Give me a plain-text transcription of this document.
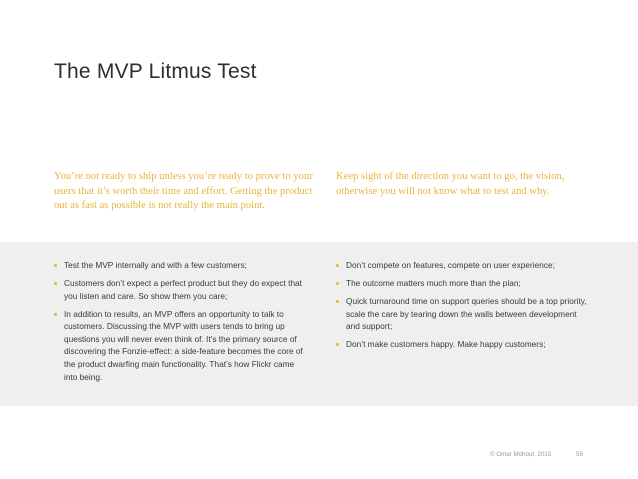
The MVP Litmus Test

You’re not ready to ship unless you’re ready to prove to your users that it’s worth their time and effort. Getting the product out as fast as possible is not really the main point.

Keep sight of the direction you want to go, the vision, otherwise you will not know what to test and why.

Test the MVP internally and with a few customers;
Customers don’t expect a perfect product but they do expect that you listen and care. So show them you care;
In addition to results, an MVP offers an opportunity to talk to customers. Discussing the MVP with users tends to bring up questions you will never even think of. It’s the primary source of discovering the Fonzie-effect: a side-feature becomes the core of the product dwarfing main functionality. That’s how Flickr came into being.
Don’t compete on features, compete on user experience;
The outcome matters much more than the plan;
Quick turnaround time on support queries should be a top priority, scale the care by tearing down the walls between development and support;
Don’t make customers happy. Make happy customers;

© Omar Mohout, 2015	56
